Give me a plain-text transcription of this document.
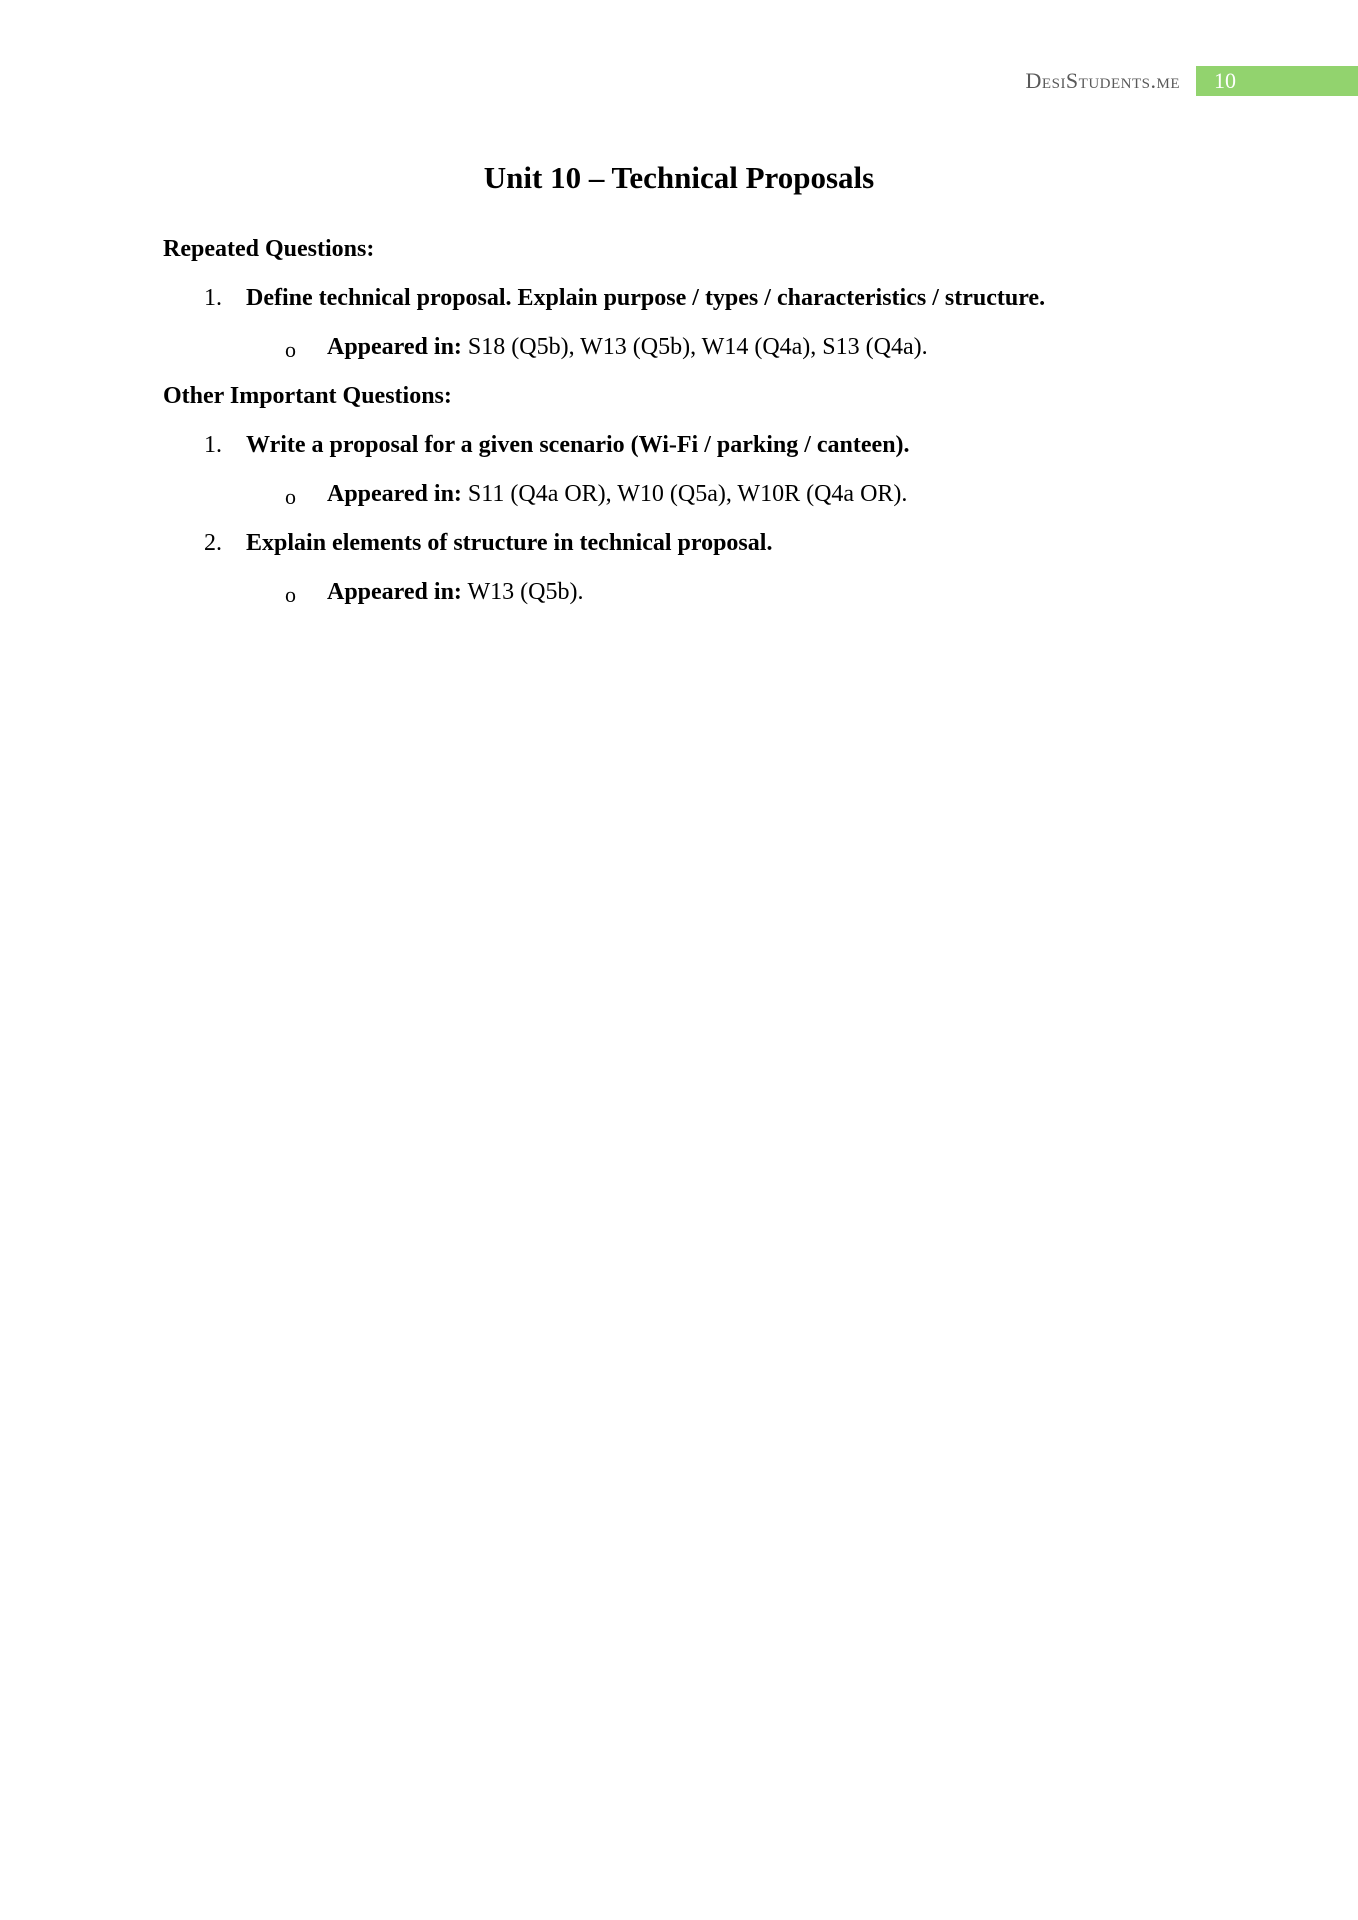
DesiStudents.me	10
Unit 10 – Technical Proposals
Repeated Questions:
1. Define technical proposal. Explain purpose / types / characteristics / structure.
o Appeared in: S18 (Q5b), W13 (Q5b), W14 (Q4a), S13 (Q4a).
Other Important Questions:
1. Write a proposal for a given scenario (Wi-Fi / parking / canteen).
o Appeared in: S11 (Q4a OR), W10 (Q5a), W10R (Q4a OR).
2. Explain elements of structure in technical proposal.
o Appeared in: W13 (Q5b).
